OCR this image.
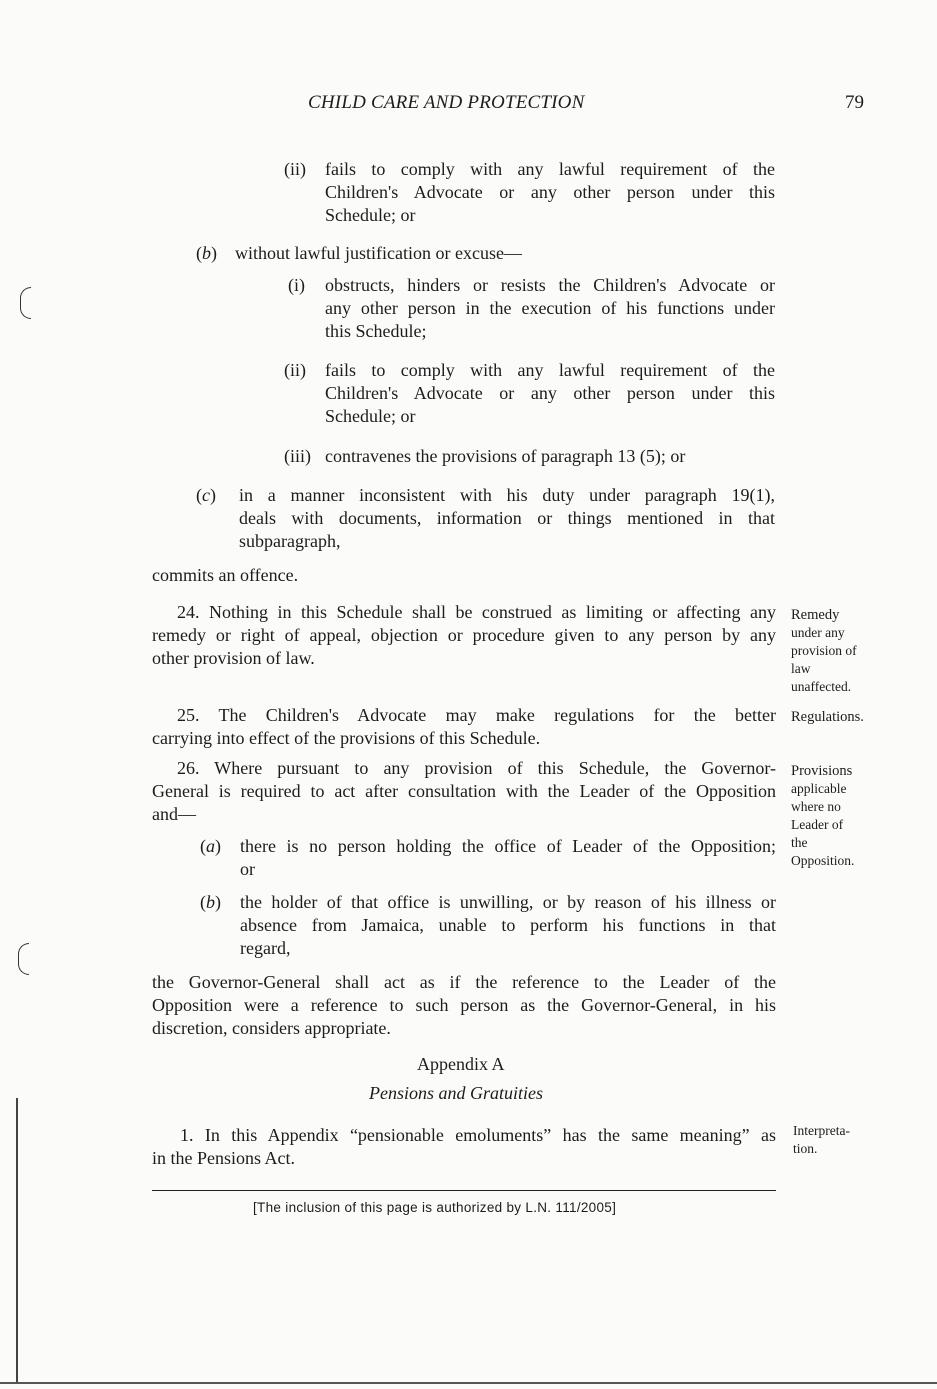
CHILD CARE AND PROTECTION	79
(ii) fails to comply with any lawful requirement of the
Children's Advocate or any other person under this
Schedule; or
(b) without lawful justification or excuse—
(i) obstructs, hinders or resists the Children's Advocate or
any other person in the execution of his functions under
this Schedule;
(ii) fails to comply with any lawful requirement of the
Children's Advocate or any other person under this
Schedule; or
(iii) contravenes the provisions of paragraph 13 (5); or
(c) in a manner inconsistent with his duty under paragraph 19(1),
deals with documents, information or things mentioned in that
subparagraph,
commits an offence.
24. Nothing in this Schedule shall be construed as limiting or affecting any
remedy or right of appeal, objection or procedure given to any person by any
other provision of law.
25. The Children's Advocate may make regulations for the better
carrying into effect of the provisions of this Schedule.
26. Where pursuant to any provision of this Schedule, the Governor-
General is required to act after consultation with the Leader of the Opposition
and—
(a) there is no person holding the office of Leader of the Opposition;
or
(b) the holder of that office is unwilling, or by reason of his illness or
absence from Jamaica, unable to perform his functions in that
regard,
the Governor-General shall act as if the reference to the Leader of the
Opposition were a reference to such person as the Governor-General, in his
discretion, considers appropriate.
Appendix A
Pensions and Gratuities
1. In this Appendix “pensionable emoluments” has the same meaning” as
in the Pensions Act.
Remedy
under any
provision of
law
unaffected.
Regulations.
Provisions
applicable
where no
Leader of
the
Opposition.
Interpreta-
tion.
[The inclusion of this page is authorized by L.N. 111/2005]
